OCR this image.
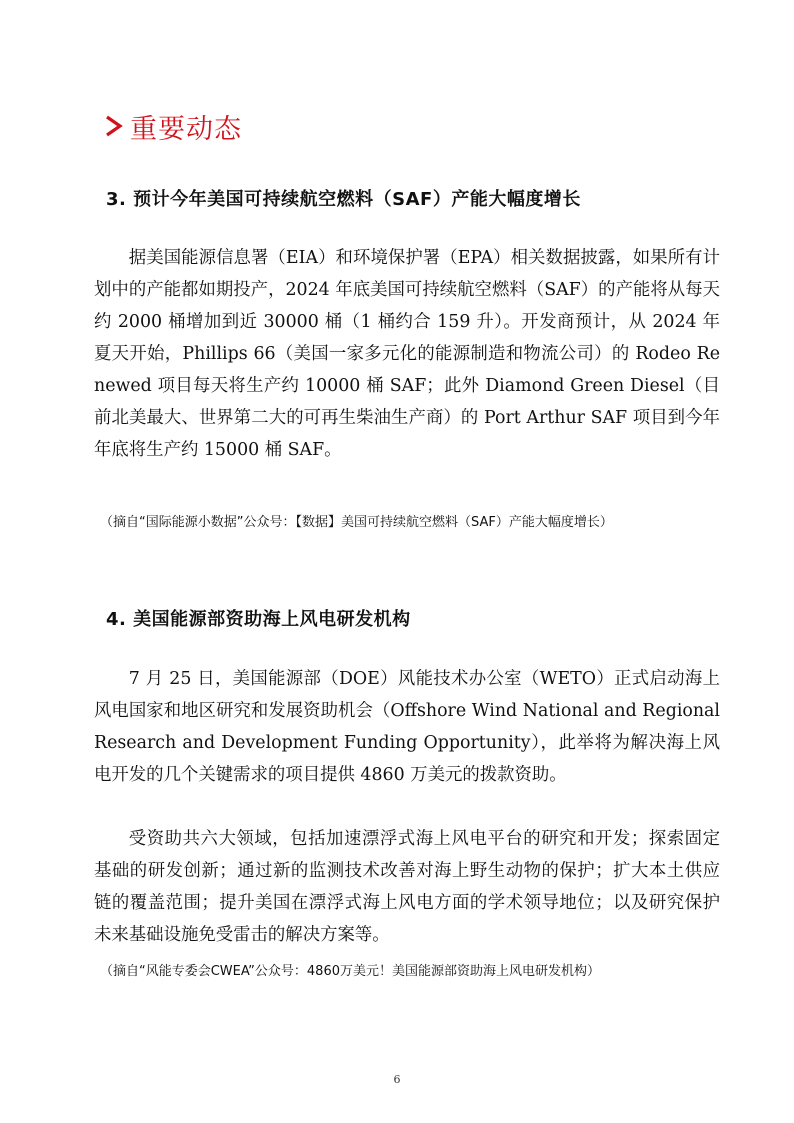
重要动态
3. 预计今年美国可持续航空燃料（SAF）产能大幅度增长

据美国能源信息署（EIA）和环境保护署（EPA）相关数据披露，如果所有计划中的产能都如期投产，2024 年底美国可持续航空燃料（SAF）的产能将从每天约 2000 桶增加到近 30000 桶（1 桶约合 159 升）。开发商预计，从 2024 年夏天开始，Phillips 66（美国一家多元化的能源制造和物流公司）的 Rodeo Renewed 项目每天将生产约 10000 桶 SAF；此外 Diamond Green Diesel（目前北美最大、世界第二大的可再生柴油生产商）的 Port Arthur SAF 项目到今年年底将生产约 15000 桶 SAF。

（摘自“国际能源小数据”公众号：【数据】美国可持续航空燃料（SAF）产能大幅度增长）

4. 美国能源部资助海上风电研发机构

7 月 25 日，美国能源部（DOE）风能技术办公室（WETO）正式启动海上风电国家和地区研究和发展资助机会（Offshore Wind National and Regional Research and Development Funding Opportunity），此举将为解决海上风电开发的几个关键需求的项目提供 4860 万美元的拨款资助。

受资助共六大领域，包括加速漂浮式海上风电平台的研究和开发；探索固定基础的研发创新；通过新的监测技术改善对海上野生动物的保护；扩大本土供应链的覆盖范围；提升美国在漂浮式海上风电方面的学术领导地位；以及研究保护未来基础设施免受雷击的解决方案等。

（摘自“风能专委会CWEA”公众号：4860万美元！美国能源部资助海上风电研发机构）

6
